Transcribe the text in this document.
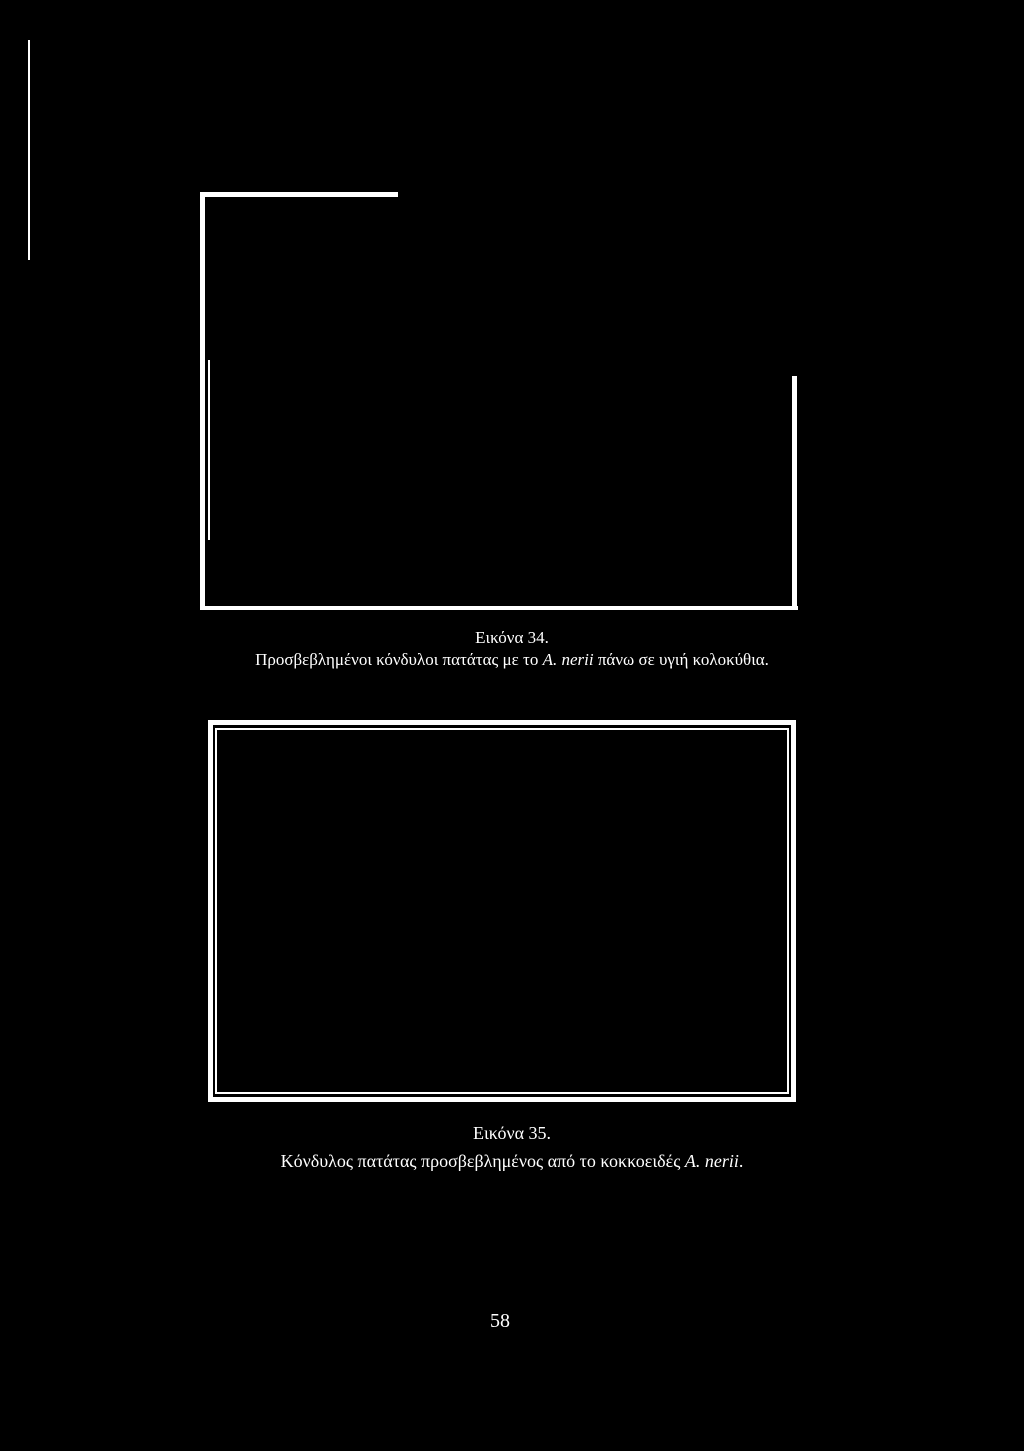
Εικόνα 34.
Προσβεβλημένοι κόνδυλοι πατάτας με το A. nerii πάνω σε υγιή κολοκύθια.
Εικόνα 35.
Κόνδυλος πατάτας προσβεβλημένος από το κοκκοειδές A. nerii.
58
